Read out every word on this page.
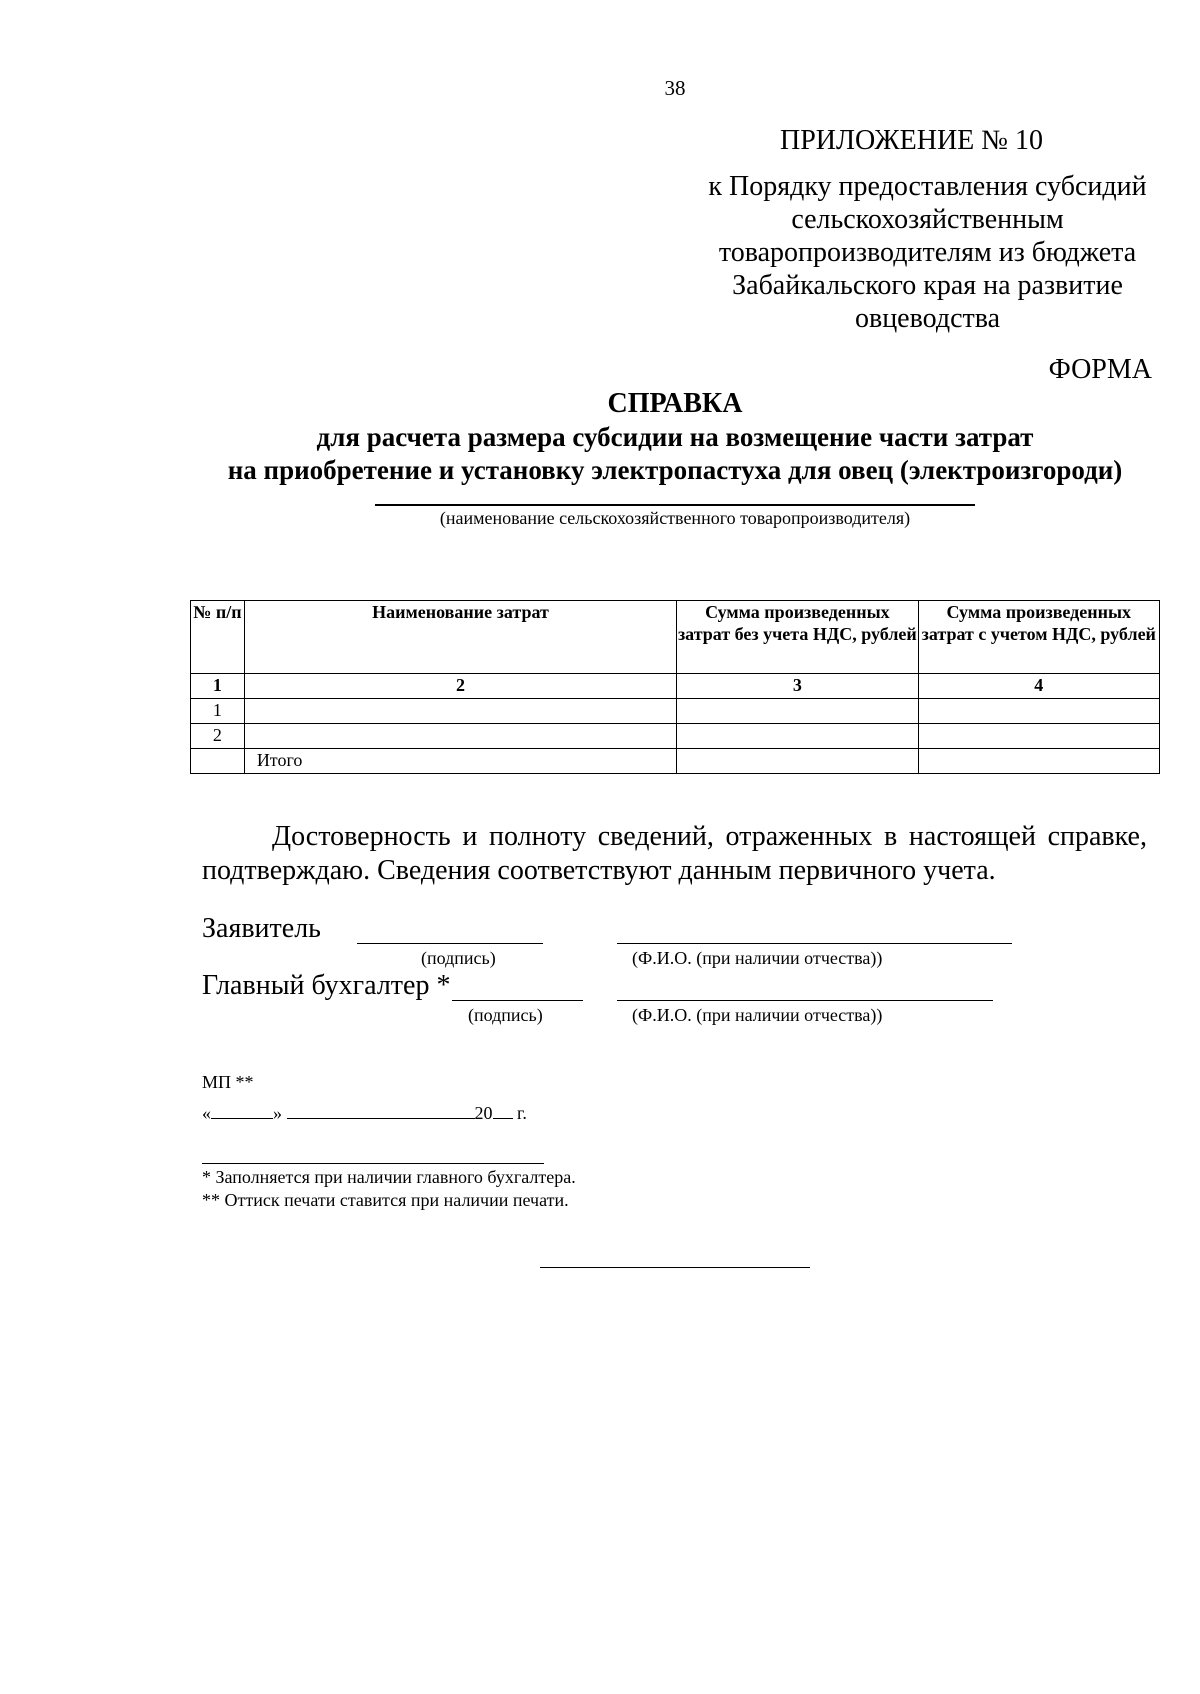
38
ПРИЛОЖЕНИЕ № 10
к Порядку предоставления субсидий
сельскохозяйственным
товаропроизводителям из бюджета
Забайкальского края на развитие
овцеводства
ФОРМА
СПРАВКА
для расчета размера субсидии на возмещение части затрат
на приобретение и установку электропастуха для овец (электроизгороди)
(наименование сельскохозяйственного товаропроизводителя)
№ п/п	Наименование затрат	Сумма произведенных затрат без учета НДС, рублей	Сумма произведенных затрат с учетом НДС, рублей
1	2	3	4
1			
2			
	Итого		
Достоверность и полноту сведений, отраженных в настоящей справке, подтверждаю. Сведения соответствуют данным первичного учета.
Заявитель
(подпись)	(Ф.И.О. (при наличии отчества))
Главный бухгалтер *
(подпись)	(Ф.И.О. (при наличии отчества))
МП **
«	»	20 г.
* Заполняется при наличии главного бухгалтера.
** Оттиск печати ставится при наличии печати.
